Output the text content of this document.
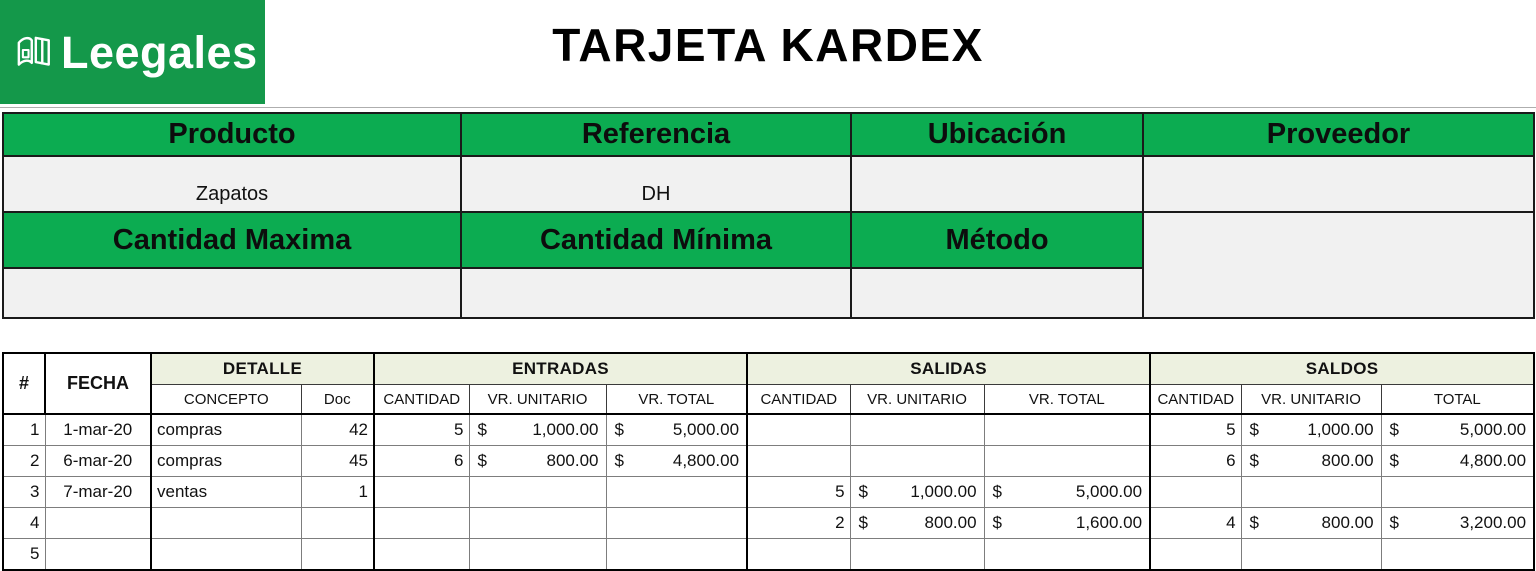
Leegales	TARJETA KARDEX
Producto	Referencia	Ubicación	Proveedor
Zapatos	DH		
Cantidad Maxima	Cantidad Mínima	Método	

#	FECHA	DETALLE		ENTRADAS			SALIDAS			SALDOS		
		CONCEPTO	Doc	CANTIDAD	VR. UNITARIO	VR. TOTAL	CANTIDAD	VR. UNITARIO	VR. TOTAL	CANTIDAD	VR. UNITARIO	TOTAL
1	1-mar-20	compras	42	5	$ 1,000.00	$ 5,000.00				5	$ 1,000.00	$ 5,000.00
2	6-mar-20	compras	45	6	$ 800.00	$ 4,800.00				6	$ 800.00	$ 4,800.00
3	7-mar-20	ventas	1				5	$ 1,000.00	$ 5,000.00		

4							2	$ 800.00	$ 1,600.00	4	$ 800.00	$ 3,200.00
5					
